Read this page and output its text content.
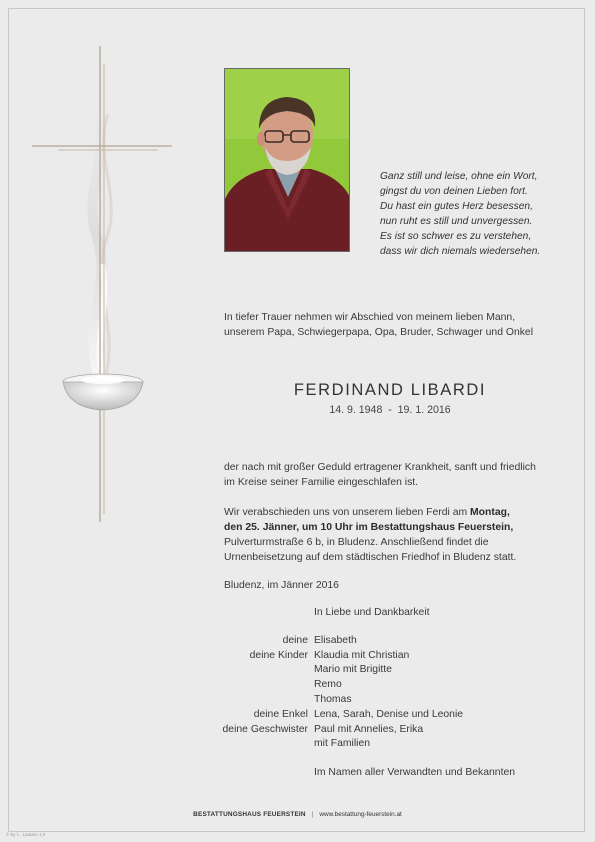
Ganz still und leise, ohne ein Wort,
gingst du von deinen Lieben fort.
Du hast ein gutes Herz besessen,
nun ruht es still und unvergessen.
Es ist so schwer es zu verstehen,
dass wir dich niemals wiedersehen.
In tiefer Trauer nehmen wir Abschied von meinem lieben Mann,
unserem Papa, Schwiegerpapa, Opa, Bruder, Schwager und Onkel
FERDINAND LIBARDI
14. 9. 1948  -  19. 1. 2016
der nach mit großer Geduld ertragener Krankheit, sanft und friedlich
im Kreise seiner Familie eingeschlafen ist.
Wir verabschieden uns von unserem lieben Ferdi am Montag,
den 25. Jänner, um 10 Uhr im Bestattungshaus Feuerstein,
Pulverturmstraße 6 b, in Bludenz. Anschließend findet die
Urnenbeisetzung auf dem städtischen Friedhof in Bludenz statt.
Bludenz, im Jänner 2016
In Liebe und Dankbarkeit
deine Elisabeth
deine Kinder Klaudia mit Christian
Mario mit Brigitte
Remo
Thomas
deine Enkel Lena, Sarah, Denise und Leonie
deine Geschwister Paul mit Annelies, Erika
mit Familien
Im Namen aller Verwandten und Bekannten
BESTATTUNGSHAUS FEUERSTEIN | www.bestattung-feuerstein.at
© by l... Lautaro 1.0
